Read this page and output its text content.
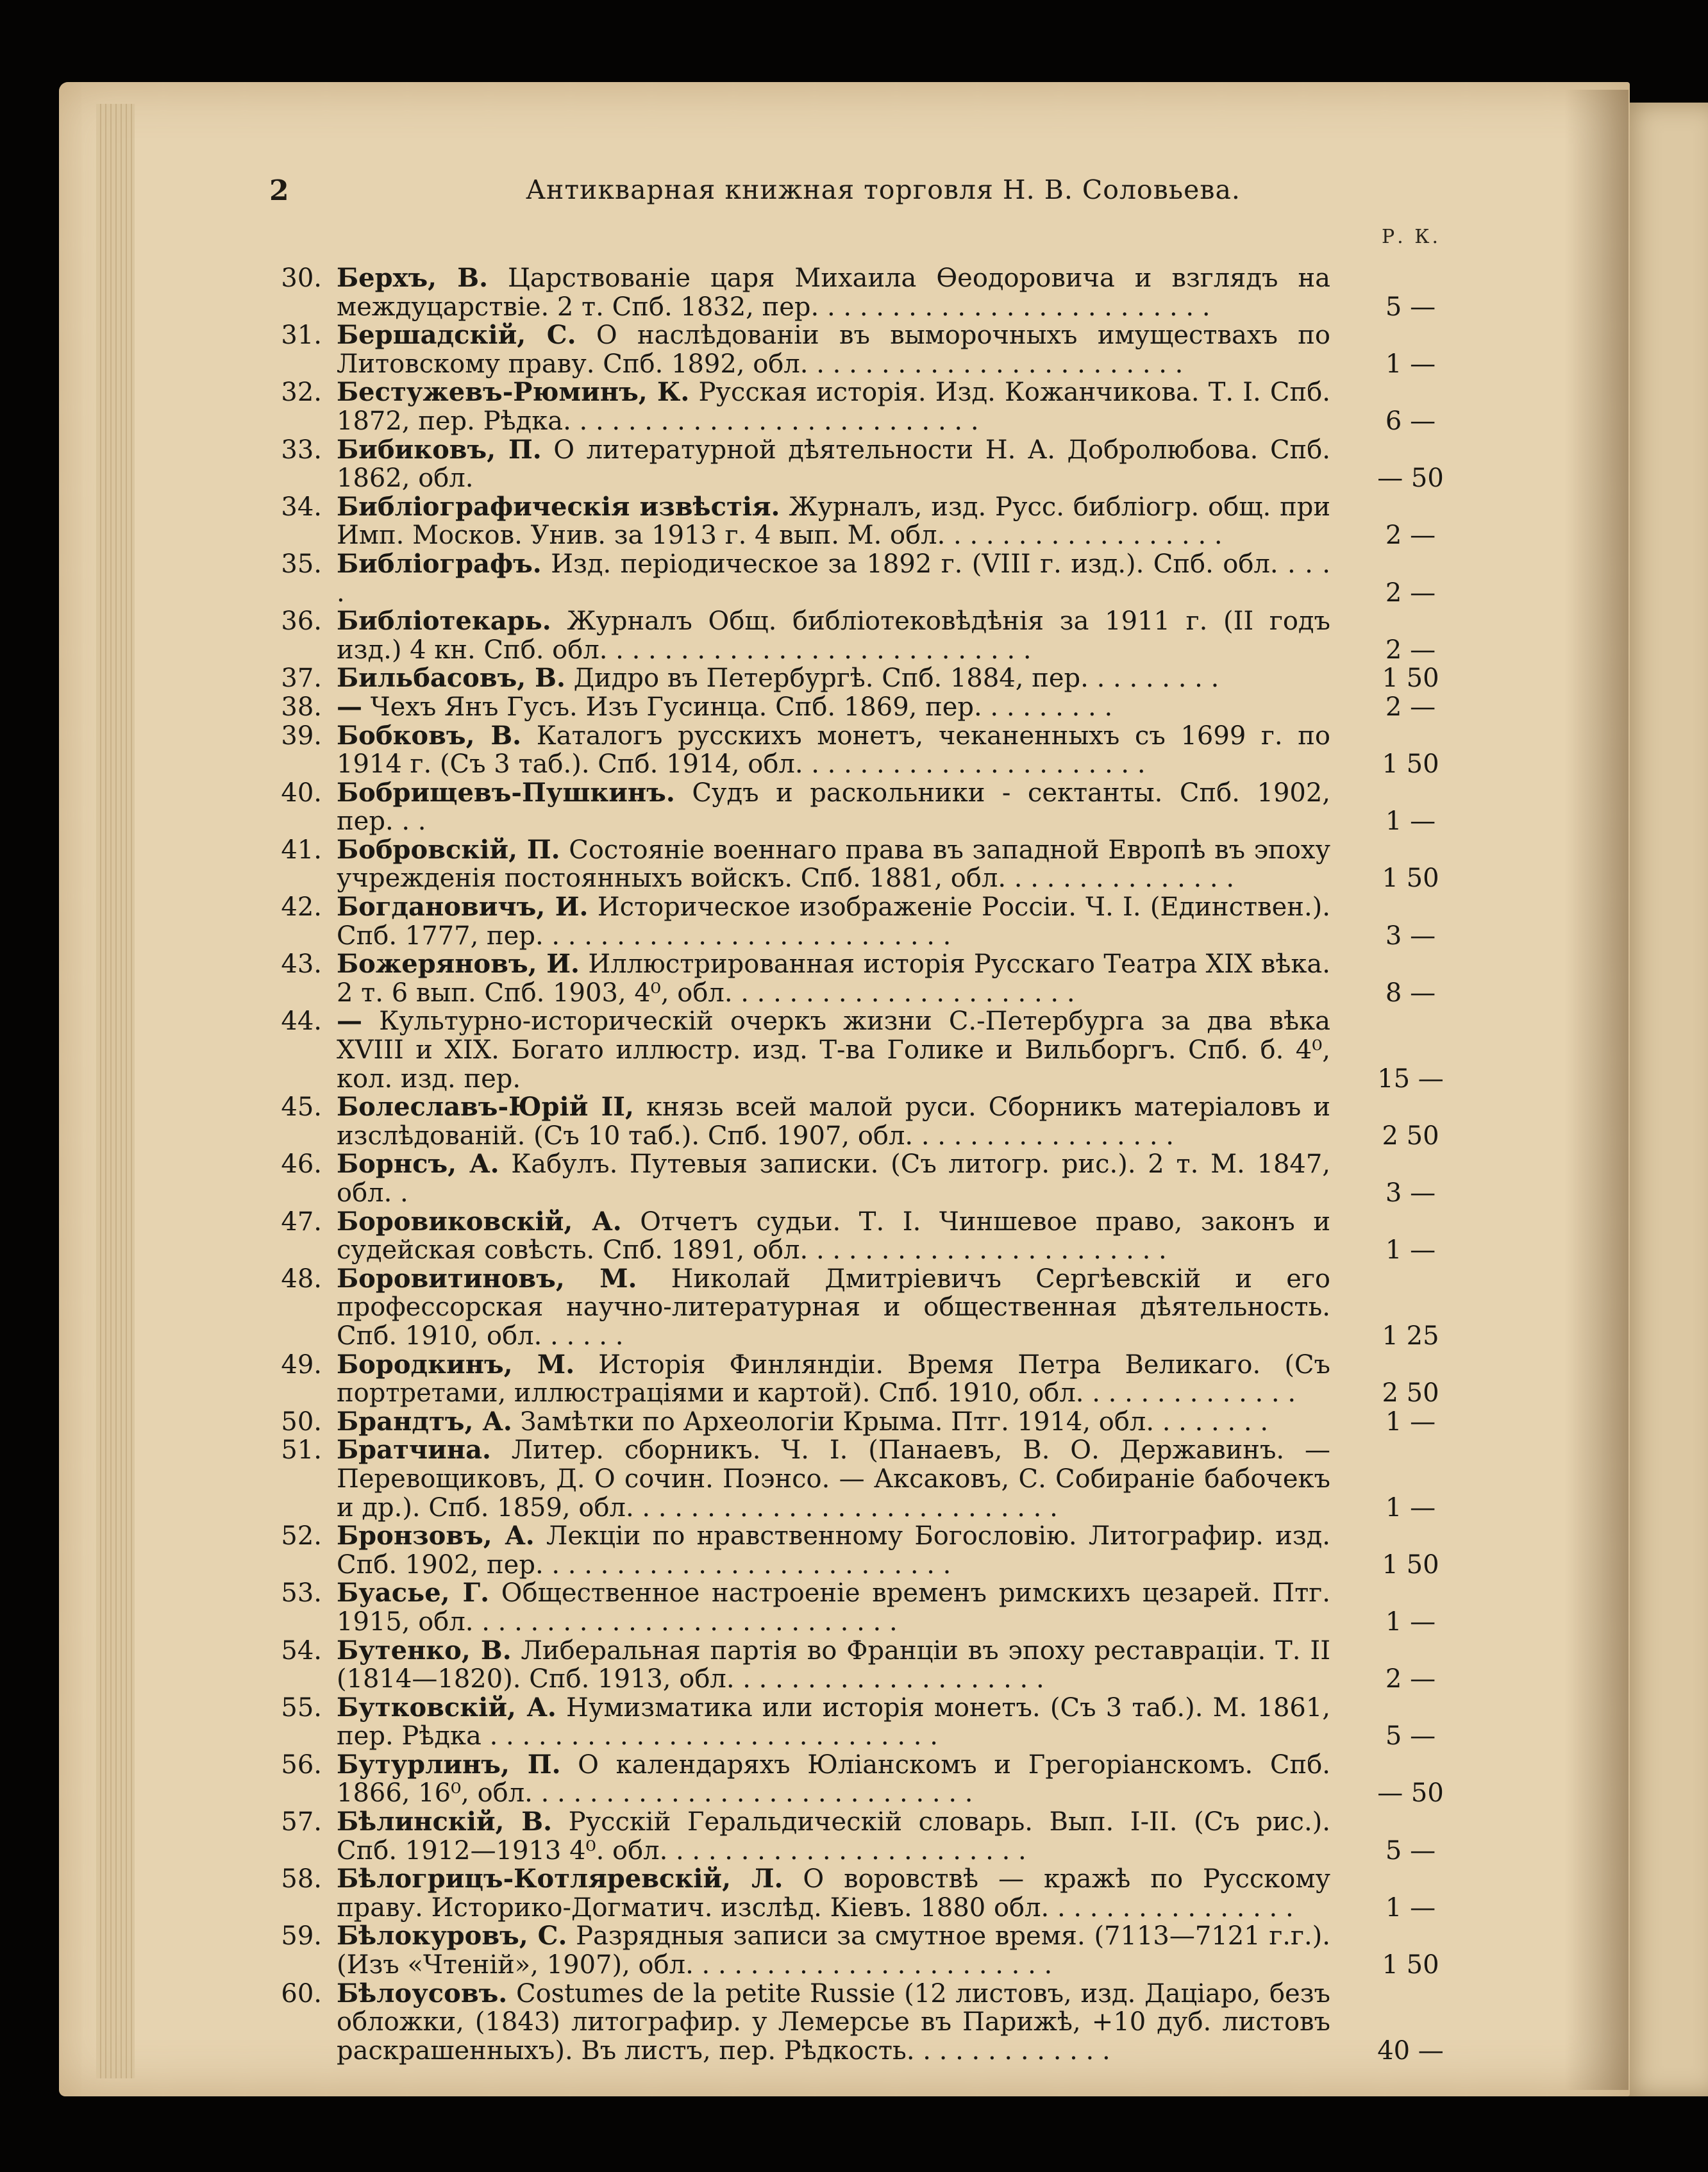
2	Антикварная книжная торговля Н. В. Соловьева.
Р. К.
30. Берхъ, В. Царствованіе царя Михаила Ѳеодоровича и взглядъ на междуцарствіе. 2 т. Спб. 1832, пер. . . . . . . . . . . . . . . . . . . . . . . . .	5 —
31. Бершадскій, С. О наслѣдованіи въ выморочныхъ имуществахъ по Литовскому праву. Спб. 1892, обл. . . . . . . . . . . . . . . . . . . . . . . .	1 —
32. Бестужевъ-Рюминъ, К. Русская исторія. Изд. Кожанчикова. Т. I. Спб. 1872, пер. Рѣдка. . . . . . . . . . . . . . . . . . . . . . . . . .	6 —
33. Бибиковъ, П. О литературной дѣятельности Н. А. Добролюбова. Спб. 1862, обл.	— 50
34. Библіографическія извѣстія. Журналъ, изд. Русс. библіогр. общ. при Имп. Москов. Унив. за 1913 г. 4 вып. М. обл. . . . . . . . . . . . . . . . . .	2 —
35. Библіографъ. Изд. періодическое за 1892 г. (VIII г. изд.). Спб. обл. . . . .	2 —
36. Библіотекарь. Журналъ Общ. библіотековѣдѣнія за 1911 г. (II годъ изд.) 4 кн. Спб. обл. . . . . . . . . . . . . . . . . . . . . . . . . . .	2 —
37. Бильбасовъ, В. Дидро въ Петербургѣ. Спб. 1884, пер. . . . . . . . .	1 50
38. — Чехъ Янъ Гусъ. Изъ Гусинца. Спб. 1869, пер. . . . . . . . .	2 —
39. Бобковъ, В. Каталогъ русскихъ монетъ, чеканенныхъ съ 1699 г. по 1914 г. (Съ 3 таб.). Спб. 1914, обл. . . . . . . . . . . . . . . . . . . . . .	1 50
40. Бобрищевъ-Пушкинъ. Судъ и раскольники - сектанты. Спб. 1902, пер. . .	1 —
41. Бобровскій, П. Состояніе военнаго права въ западной Европѣ въ эпоху учрежденія постоянныхъ войскъ. Спб. 1881, обл. . . . . . . . . . . . . . .	1 50
42. Богдановичъ, И. Историческое изображеніе Россіи. Ч. I. (Единствен.). Спб. 1777, пер. . . . . . . . . . . . . . . . . . . . . . . . . .	3 —
43. Божеряновъ, И. Иллюстрированная исторія Русскаго Театра XIX вѣка. 2 т. 6 вып. Спб. 1903, 4⁰, обл. . . . . . . . . . . . . . . . . . . . . .	8 —
44. — Культурно-историческій очеркъ жизни С.-Петербурга за два вѣка XVIII и XIX. Богато иллюстр. изд. Т-ва Голике и Вильборгъ. Спб. б. 4⁰, кол. изд. пер.	15 —
45. Болеславъ-Юрій II, князь всей малой руси. Сборникъ матеріаловъ и изслѣдованій. (Съ 10 таб.). Спб. 1907, обл. . . . . . . . . . . . . . . . .	2 50
46. Борнсъ, А. Кабулъ. Путевыя записки. (Съ литогр. рис.). 2 т. М. 1847, обл. .	3 —
47. Боровиковскій, А. Отчетъ судьи. Т. I. Чиншевое право, законъ и судейская совѣсть. Спб. 1891, обл. . . . . . . . . . . . . . . . . . . . . . .	1 —
48. Боровитиновъ, М. Николай Дмитріевичъ Сергѣевскій и его профессорская научно-литературная и общественная дѣятельность. Спб. 1910, обл. . . . . .	1 25
49. Бородкинъ, М. Исторія Финляндіи. Время Петра Великаго. (Съ портретами, иллюстраціями и картой). Спб. 1910, обл. . . . . . . . . . . . . .	2 50
50. Брандтъ, А. Замѣтки по Археологіи Крыма. Птг. 1914, обл. . . . . . . .	1 —
51. Братчина. Литер. сборникъ. Ч. I. (Панаевъ, В. О. Державинъ. — Перевощиковъ, Д. О сочин. Поэнсо. — Аксаковъ, С. Собираніе бабочекъ и др.). Спб. 1859, обл. . . . . . . . . . . . . . . . . . . . . . . . . . .	1 —
52. Бронзовъ, А. Лекціи по нравственному Богословію. Литографир. изд. Спб. 1902, пер. . . . . . . . . . . . . . . . . . . . . . . . . .	1 50
53. Буасье, Г. Общественное настроеніе временъ римскихъ цезарей. Птг. 1915, обл. . . . . . . . . . . . . . . . . . . . . . . . . . .	1 —
54. Бутенко, В. Либеральная партія во Франціи въ эпоху реставраціи. Т. II (1814—1820). Спб. 1913, обл. . . . . . . . . . . . . . . . . . . .	2 —
55. Бутковскій, А. Нумизматика или исторія монетъ. (Съ 3 таб.). М. 1861, пер. Рѣдка . . . . . . . . . . . . . . . . . . . . . . . . . . . .	5 —
56. Бутурлинъ, П. О календаряхъ Юліанскомъ и Грегоріанскомъ. Спб. 1866, 16⁰, обл. . . . . . . . . . . . . . . . . . . . . . . . . . . .	— 50
57. Бѣлинскій, В. Русскій Геральдическій словарь. Вып. I-II. (Съ рис.). Спб. 1912—1913 4⁰. обл. . . . . . . . . . . . . . . . . . . . . . .	5 —
58. Бѣлогрицъ-Котляревскій, Л. О воровствѣ — кражѣ по Русскому праву. Историко-Догматич. изслѣд. Кіевъ. 1880 обл. . . . . . . . . . . . . . . .	1 —
59. Бѣлокуровъ, С. Разрядныя записи за смутное время. (7113—7121 г.г.). (Изъ «Чтеній», 1907), обл. . . . . . . . . . . . . . . . . . . . . . .	1 50
60. Бѣлоусовъ. Costumes de la petite Russie (12 листовъ, изд. Даціаро, безъ обложки, (1843) литографир. у Лемерсье въ Парижѣ, +10 дуб. листовъ раскрашенныхъ). Въ листъ, пер. Рѣдкость. . . . . . . . . . . . .	40 —
